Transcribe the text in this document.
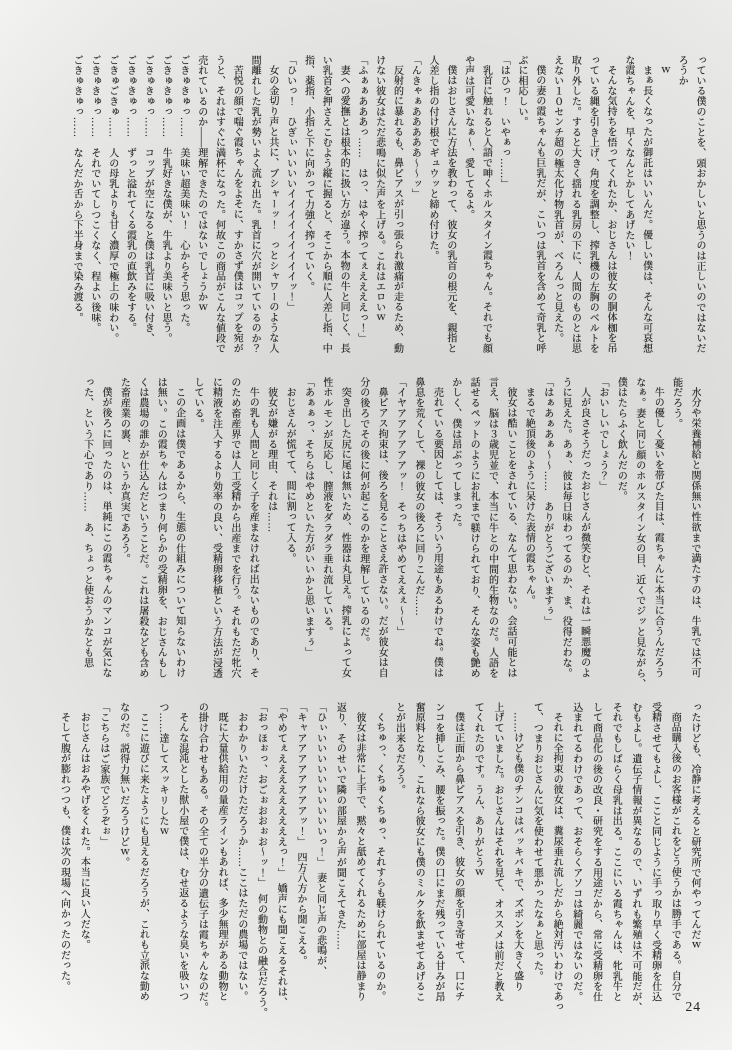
っている僕のことを、頭おかしいと思うのは正しいのではないだ

ろうか

ｗ

まぁ長くなったが御託はいいんだ。優しい僕は、そんな可哀想

な霞ちゃんを、早くなんとかしてあげたい！

そんな気持ちを悟ってくれたか、おじさんは彼女の胴体枷を吊

っている縄を引き上げ、角度を調整し、搾乳機の左胸のベルトを

取り外した。すると大きく揺れる乳房の下に、人間のものとは思

えない１０センチ超の極太化け物乳首が、べろんっと見えた。

僕の妻の霞ちゃんも巨乳だが、こいつは乳首を含めて奇乳と呼

ぶに相応しい。

「はひっ！　いやぁっ……」

乳首に触れると人語で呻くホルスタイン霞ちゃん。それでも顔

や声は可愛いなぁ～、愛してるよ。

僕はおじさんに方法を教わって、彼女の乳首の根元を、親指と

人差し指の付け根でギュウッと締め付けた。

「んきゃぁあああああ～～ッ」

反射的に暴れるも、鼻ピアスが引っ張られ激痛が走るため、動

けない彼女はただ悲鳴に似た声を上げる。これはエロいｗ

「ふぁぁあああっ……　はっ、はやく搾ってぇええええっ！」

妻への愛撫とは根本的に扱い方が違う。本物の牛と同じく、長

い乳首を押さえこむよう縦に握ると、そこから順に人差し指、中

指、薬指、小指と下に向かって力強く搾っていく。

「ひいっ！　ひぎぃいいいいイイイイイイイイイッ！」

女の金切り声と共に、ブシャーッ！　っとシャワーのような人

間離れした乳が勢いよく流れ出た。乳首に穴が開いているのか？

苦悦の顔で喘ぐ霞ちゃんをよそに、すかさず僕はコップを宛が

うと、それはすぐに満杯になった。何故この商品がこんな値段で

売れているのか――理解できたのではないでしょうかｗ

ごきゅきゅっ……　美味い超美味い！　心からそう思った。

ごきゅきゅっ……　牛乳好きな僕が、牛乳より美味いと思う。

ごきゅきゅっ……　コップが空になると僕は乳首に吸い付き、

ごきゅきゅっ……　ずっと溢れてくる霞乳の直飲みをする。

ごきゅごきゅ……　人の母乳よりも甘く濃厚で極上の味わい。

ごきゅきゅっ……　それでいてしつこくなく、程よい後味。

ごきゅきゅっ……　なんだか舌から下半身まで染み渡る。

水分や栄養補給と関係無い性欲まで満たすのは、牛乳では不可

能だろう。

牛の優しく憂いを帯びた目は、霞ちゃんに本当に合うんだろう

なぁ。妻と同じ顔のホルスタイン女の目、近くでジッと見ながら、

僕はたらふく飲んだのだ。

「おいしいでしょう？」

人が良さそうだったおじさんが微笑むと、それは一瞬悪魔のよ

うに見えた。あぁ、彼は毎日味わってるのか、ま、役得だわな。

「はぁあぁあぁ～～……　ありがとうございますぅ」

まるで絶頂後のように呆けた表情の霞ちゃん。

彼女は酷いことをされている、なんて思わない。会話可能とは

言え、脳は３歳児並で、本当に牛との中間的生物なのだ。人語を

話せるペットのようにお礼まで躾けられており、そんな姿も艶め

かしく、僕は昂ぶってしまった。

売れている要因としては、そういう用途もあるわけでね。僕は

鼻息を荒くして、裸の彼女の後ろに回りこんだ……

「イヤアアアアアアッ！　そっちはやめてええぇ～～」

鼻ピアス拘束は、後ろを見ることさえ許さない。だが彼女は自

分の後ろでその後に何が起こるのかを理解しているのだ。

突き出した尻に尾は無いため、性器は丸見え。搾乳によって女

性ホルモンが反応し、膣液をダラダラ垂れ流している。

「あぁぁっ、そちらはやめといた方がいいかと思いますぅ」

おじさんが慌てて、間に割って入る。

彼女が嫌がる理由、それは……

牛の乳も人間と同じく子を産まなければ出ないものであり、そ

のため畜産界では人工受精から出産までを行う。それもただ牝穴

に精液を注入するより効率の良い、受精卵移植という方法が浸透

している。

この企画は僕であるから、生態の仕組みについて知らないわけ

は無い。この霞ちゃんはつまり何らかの受精卵を、おじさんもし

くは農場の誰かが仕込んだということだ。これは屠殺なども含め

た畜産業の裏、というか真実であろう。

僕が後ろに回ったのは、単純にこの霞ちゃんのマンコが気にな

った、という下心であり……　あ、ちょっと使おうかなとも思

ったけども、冷静に考えると研究所で何やってんだｗ

商品購入後のお客様がこれをどう使うかは勝手である。自分で

受精させてもよし、ここと同じように手っ取り早く受精卵を仕込

むもよし。遺伝子情報が異なるので、いずれも繁殖は不可能だが、

それでもしばらく母乳は出る。ここにいる霞ちゃんは、牝乳牛と

して商品化の後の改良・研究をする用途だから、常に受精卵を仕

込まれてるわけであって、おそらくアソコは綺麗ではないのだ。

それに全拘束の彼女は、糞尿垂れ流しだから絶対汚いわけであっ

て、つまりおじさんに気を使わせて悪かったなぁと思った。

……けども僕のチンコはバッキバキで、ズボンを大きく盛り

上げていました。おじさんはそれを見て、オススメは前だと教え

てくれたのです。うん、ありがとうｗ

僕は正面から鼻ピアスを引き、彼女の顔を引き寄せて、口にチ

ンコを挿しこみ、腰を振った。僕の口にまだ残っている甘みが昂

奮原料となり、これなら彼女にも僕のミルクを飲ませてあげるこ

とが出来るだろう。

くちゅっ、くちゅくちゅっ、それすらも躾けられているのか。

彼女は非常に上手で、黙々と舐めてくれるために部屋は静まり

返り、そのせいで隣の部屋から声が聞こえてきた……

「ひぃいいいいいいいいいいっ！」　妻と同じ声の悲鳴が、

「キャアアアアアアアアッ！」　四方八方から聞こえる。

「やめてぇえええええええええっ！」　嬌声にも聞こえるそれは、

「おっほぉっ、おごぉおおぉお～ッ！」　何の動物との融合だろう。

おわかりいただけただろうか……ここはただの農場ではない。

既に大量供給用の量産ラインもあれば、多少無理がある動物と

の掛け合わせもある。その全ての半分の遺伝子は霞ちゃんなのだ。

そんな混沌とした獣小屋で僕は、むせ返るような臭いを吸いつ

つ……達してスッキリしたｗ

ここに遊びに来たようにも見えるだろうが、これも立派な勤め

なのだ。説得力無いだろうけどｗ。

「こちらはご家族でどうぞぉ」

おじさんはおみやげをくれた。本当に良い人だな。

そして腹が膨れつつも、僕は次の現場へ向かったのだった。

24
